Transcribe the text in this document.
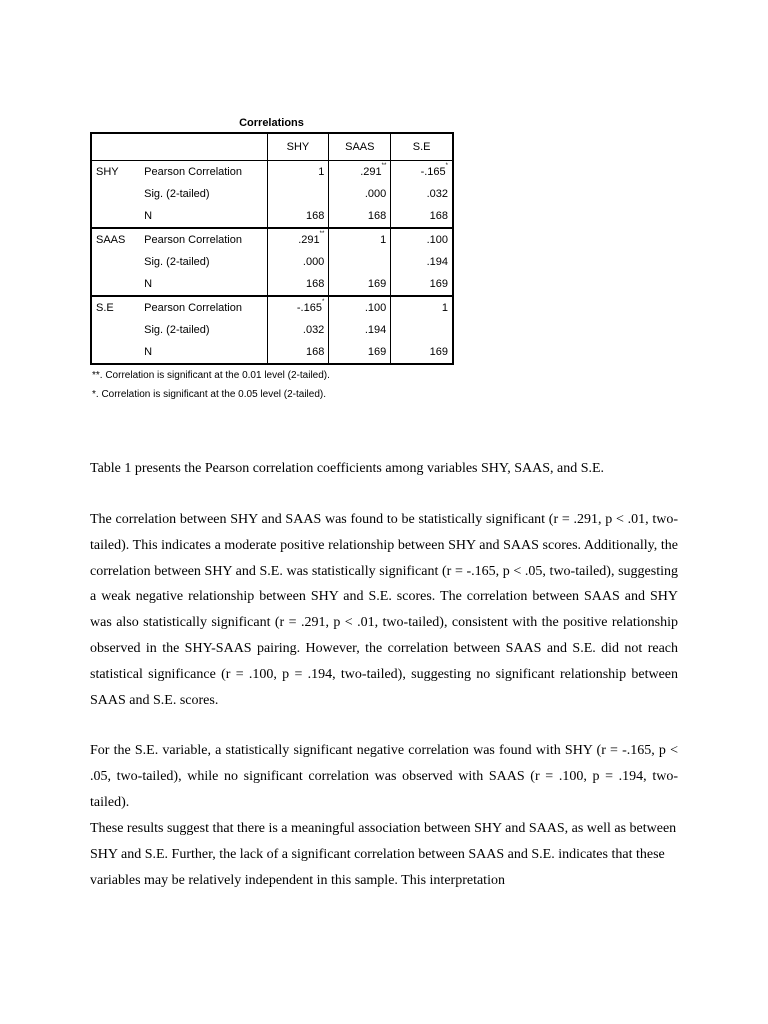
Correlations
		SHY	SAAS	S.E
SHY	Pearson Correlation	1	.291**	-.165*
	Sig. (2-tailed)		.000	.032
	N	168	168	168
SAAS	Pearson Correlation	.291**	1	.100
	Sig. (2-tailed)	.000		.194
	N	168	169	169
S.E	Pearson Correlation	-.165*	.100	1
	Sig. (2-tailed)	.032	.194	
	N	168	169	169
**. Correlation is significant at the 0.01 level (2-tailed).
*. Correlation is significant at the 0.05 level (2-tailed).

Table 1 presents the Pearson correlation coefficients among variables SHY, SAAS, and S.E.

The correlation between SHY and SAAS was found to be statistically significant (r = .291, p < .01, two-tailed). This indicates a moderate positive relationship between SHY and SAAS scores. Additionally, the correlation between SHY and S.E. was statistically significant (r = -.165, p < .05, two-tailed), suggesting a weak negative relationship between SHY and S.E. scores. The correlation between SAAS and SHY was also statistically significant (r = .291, p < .01, two-tailed), consistent with the positive relationship observed in the SHY-SAAS pairing. However, the correlation between SAAS and S.E. did not reach statistical significance (r = .100, p = .194, two-tailed), suggesting no significant relationship between SAAS and S.E. scores.

For the S.E. variable, a statistically significant negative correlation was found with SHY (r = -.165, p < .05, two-tailed), while no significant correlation was observed with SAAS (r = .100, p = .194, two-tailed).

These results suggest that there is a meaningful association between SHY and SAAS, as well as between SHY and S.E. Further, the lack of a significant correlation between SAAS and S.E. indicates that these variables may be relatively independent in this sample. This interpretation
